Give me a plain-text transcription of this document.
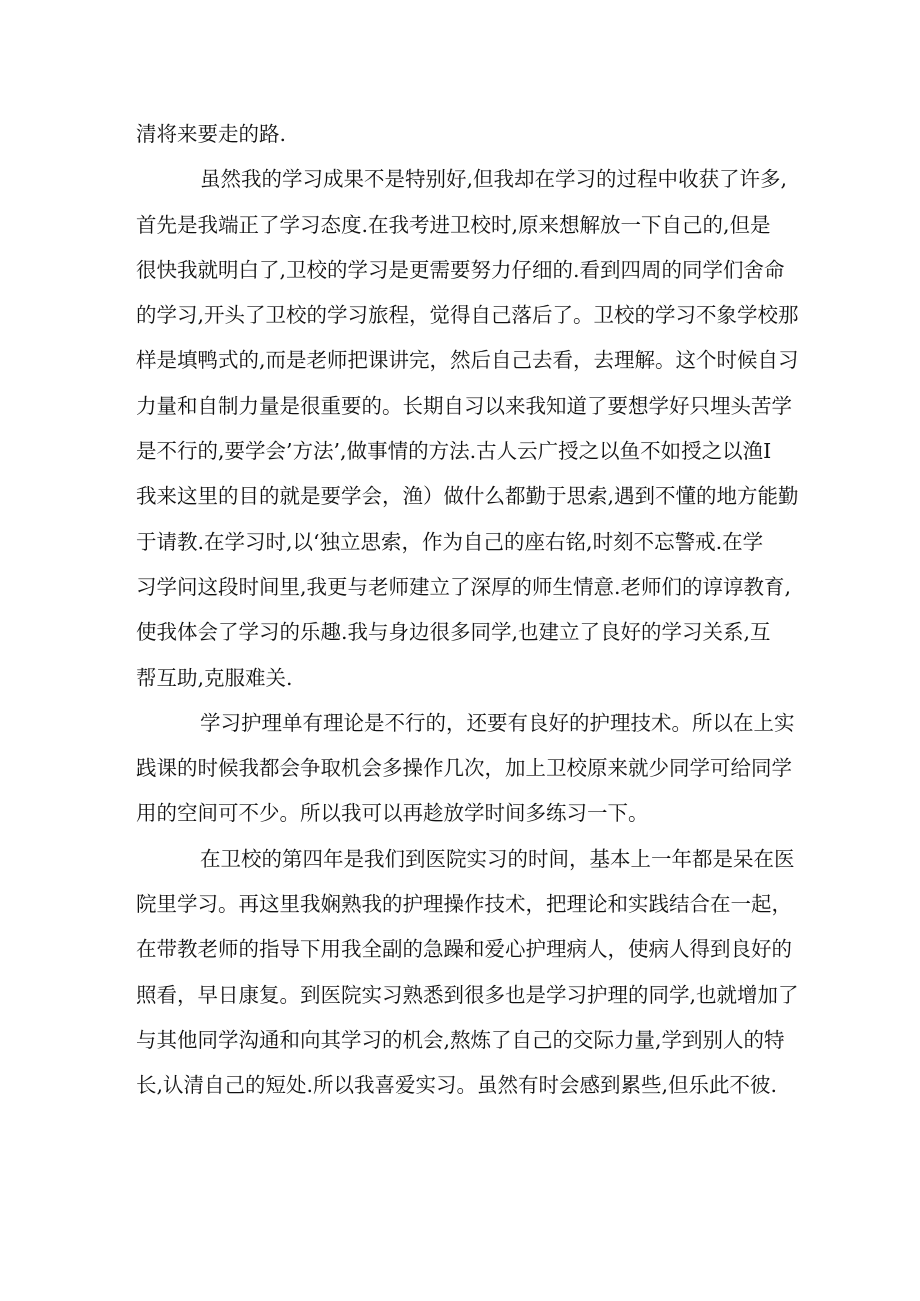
清将来要走的路.
虽然我的学习成果不是特别好,但我却在学习的过程中收获了许多,
首先是我端正了学习态度.在我考进卫校时,原来想解放一下自己的,但是
很快我就明白了,卫校的学习是更需要努力仔细的.看到四周的同学们舍命
的学习,开头了卫校的学习旅程，觉得自己落后了。卫校的学习不象学校那
样是填鸭式的,而是老师把课讲完，然后自己去看，去理解。这个时候自习
力量和自制力量是很重要的。长期自习以来我知道了要想学好只埋头苦学
是不行的,要学会’方法’,做事情的方法.古人云广授之以鱼不如授之以渔I
我来这里的目的就是要学会，渔）做什么都勤于思索,遇到不懂的地方能勤
于请教.在学习时,以‘独立思索，作为自己的座右铭,时刻不忘警戒.在学
习学问这段时间里,我更与老师建立了深厚的师生情意.老师们的谆谆教育,
使我体会了学习的乐趣.我与身边很多同学,也建立了良好的学习关系,互
帮互助,克服难关.
学习护理单有理论是不行的，还要有良好的护理技术。所以在上实
践课的时候我都会争取机会多操作几次，加上卫校原来就少同学可给同学
用的空间可不少。所以我可以再趁放学时间多练习一下。
在卫校的第四年是我们到医院实习的时间，基本上一年都是呆在医
院里学习。再这里我娴熟我的护理操作技术，把理论和实践结合在一起，
在带教老师的指导下用我全副的急躁和爱心护理病人，使病人得到良好的
照看，早日康复。到医院实习熟悉到很多也是学习护理的同学,也就增加了
与其他同学沟通和向其学习的机会,熬炼了自己的交际力量,学到别人的特
长,认清自己的短处.所以我喜爱实习。虽然有时会感到累些,但乐此不彼.
